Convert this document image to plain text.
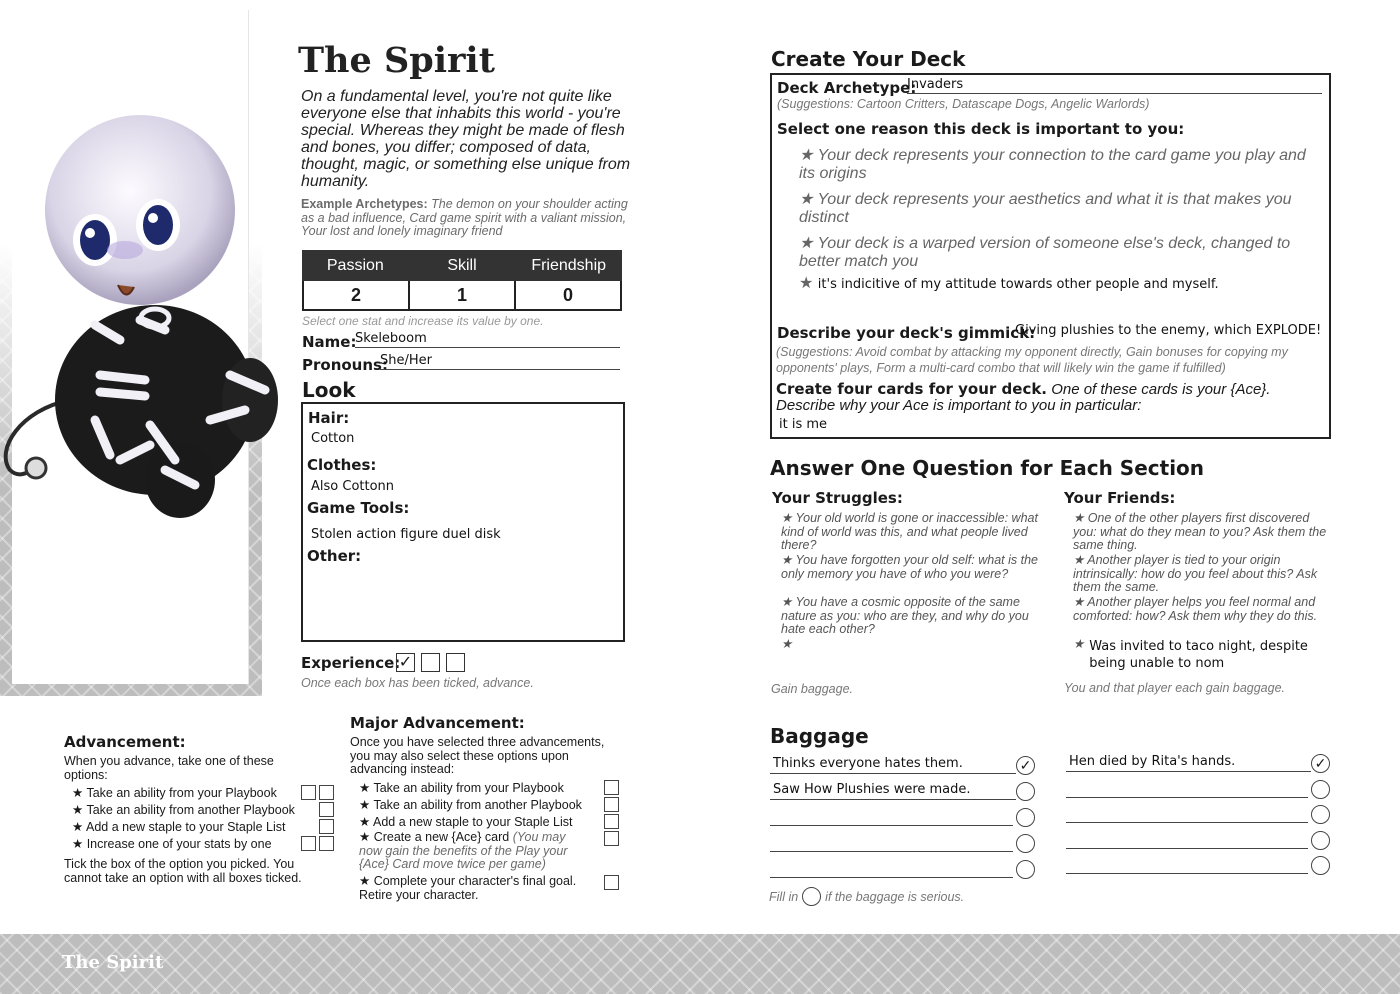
The Spirit
On a fundamental level, you're not quite like everyone else that inhabits this world - you're special. Whereas they might be made of flesh and bones, you differ; composed of data, thought, magic, or something else unique from humanity.
Example Archetypes: The demon on your shoulder acting as a bad influence, Card game spirit with a valiant mission, Your lost and lonely imaginary friend
Passion	Skill	Friendship
2	1	0
Select one stat and increase its value by one.
Name:
Skeleboom
Pronouns:
She/Her
Look
Hair:
Cotton
Clothes:
Also Cottonn
Game Tools:
Stolen action figure duel disk
Other:
Experience:
✓
Once each box has been ticked, advance.
Advancement:
When you advance, take one of these options:
★ Take an ability from your Playbook

★ Take an ability from another Playbook
★ Add a new staple to your Staple List
★ Increase one of your stats by one

Tick the box of the option you picked. You cannot take an option with all boxes ticked.
Major Advancement:
Once you have selected three advancements, you may also select these options upon advancing instead:
★ Take an ability from your Playbook
★ Take an ability from another Playbook
★ Add a new staple to your Staple List
★ Create a new {Ace} card (You may now gain the benefits of the Play your {Ace} Card move twice per game)
★ Complete your character's final goal. Retire your character.
Create Your Deck
Deck Archetype:
Invaders
(Suggestions: Cartoon Critters, Datascape Dogs, Angelic Warlords)
Select one reason this deck is important to you:
★ Your deck represents your connection to the card game you play and its origins
★ Your deck represents your aesthetics and what it is that makes you distinct
★ Your deck is a warped version of someone else's deck, changed to better match you
★ it's indicitive of my attitude towards other people and myself.
Describe your deck's gimmick:
Giving plushies to the enemy, which EXPLODE!
(Suggestions: Avoid combat by attacking my opponent directly, Gain bonuses for copying my opponents' plays, Form a multi-card combo that will likely win the game if fulfilled)
Create four cards for your deck. One of these cards is your {Ace}. Describe why your Ace is important to you in particular:
it is me
Answer One Question for Each Section
Your Struggles:
★ Your old world is gone or inaccessible: what kind of world was this, and what people lived there?
★ You have forgotten your old self: what is the only memory you have of who you were?
★ You have a cosmic opposite of the same nature as you: who are they, and why do you hate each other?
★
Gain baggage.
Your Friends:
★ One of the other players first discovered you: what do they mean to you? Ask them the same thing.
★ Another player is tied to your origin intrinsically: how do you feel about this? Ask them the same.
★ Another player helps you feel normal and comforted: how? Ask them why they do this.
★ Was invited to taco night, despite being unable to nom
You and that player each gain baggage.
Baggage
Thinks everyone hates them.	✓
Saw How Plushies were made.
Hen died by Rita's hands.	✓
Fill in if the baggage is serious.
The Spirit
